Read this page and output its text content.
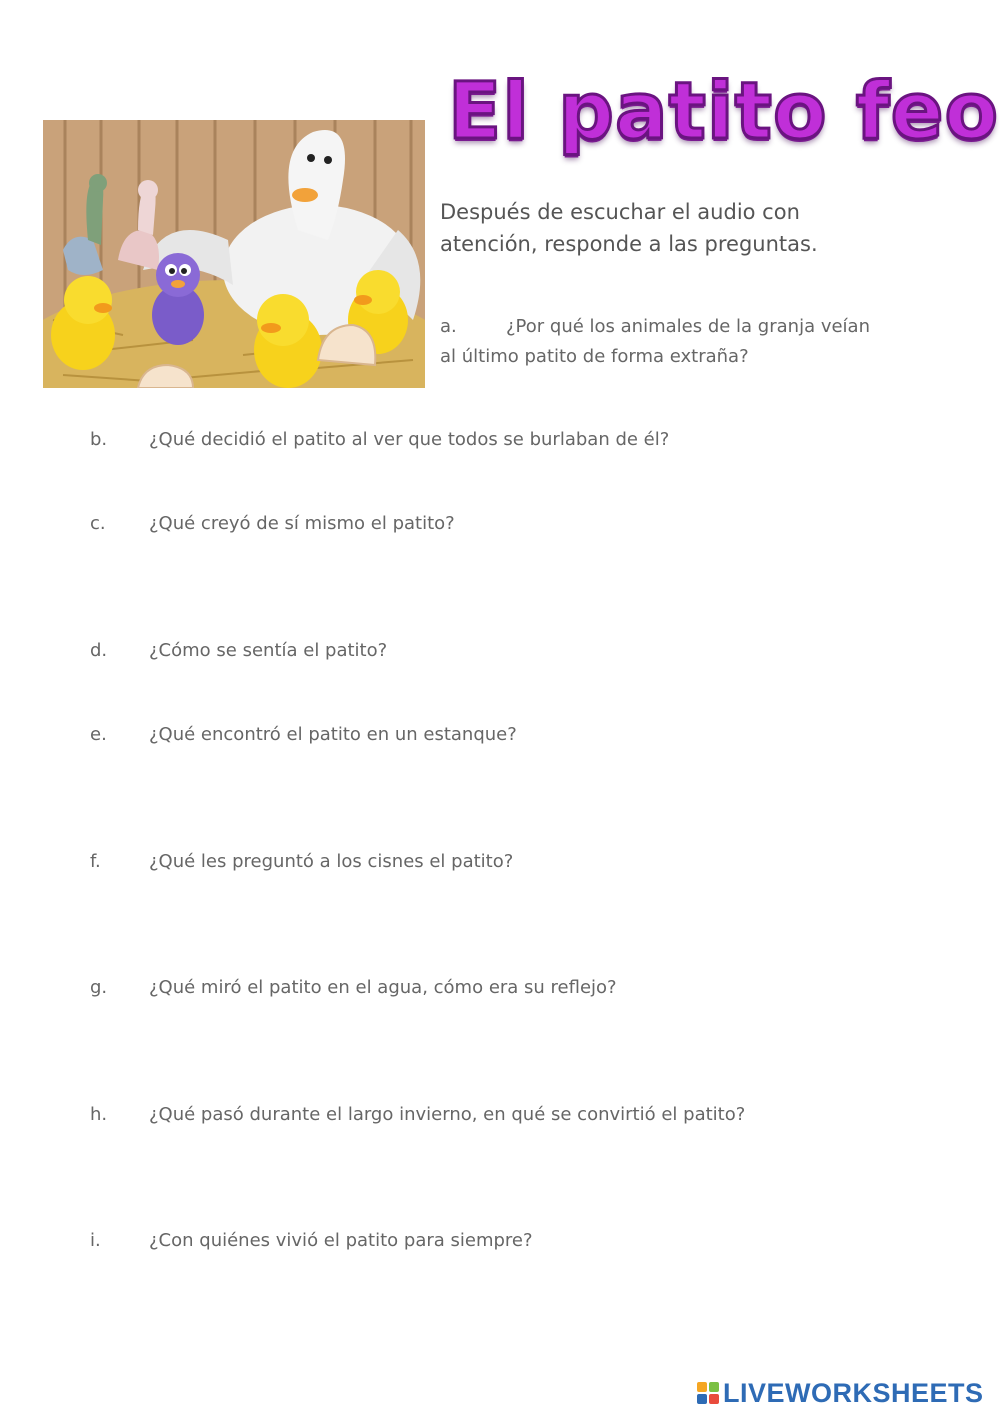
El patito feo
Después de escuchar el audio con
atención, responde a las preguntas.
a.	¿Por qué los animales de la granja veían
al último patito de forma extraña?
b. ¿Qué decidió el patito al ver que todos se burlaban de él?
c. ¿Qué creyó de sí mismo el patito?
d. ¿Cómo se sentía el patito?
e. ¿Qué encontró el patito en un estanque?
f.	¿Qué les preguntó a los cisnes el patito?
g. ¿Qué miró el patito en el agua, cómo era su reflejo?
h. ¿Qué pasó durante el largo invierno, en qué se convirtió el patito?
i.	¿Con quiénes vivió el patito para siempre?
LIVEWORKSHEETS
